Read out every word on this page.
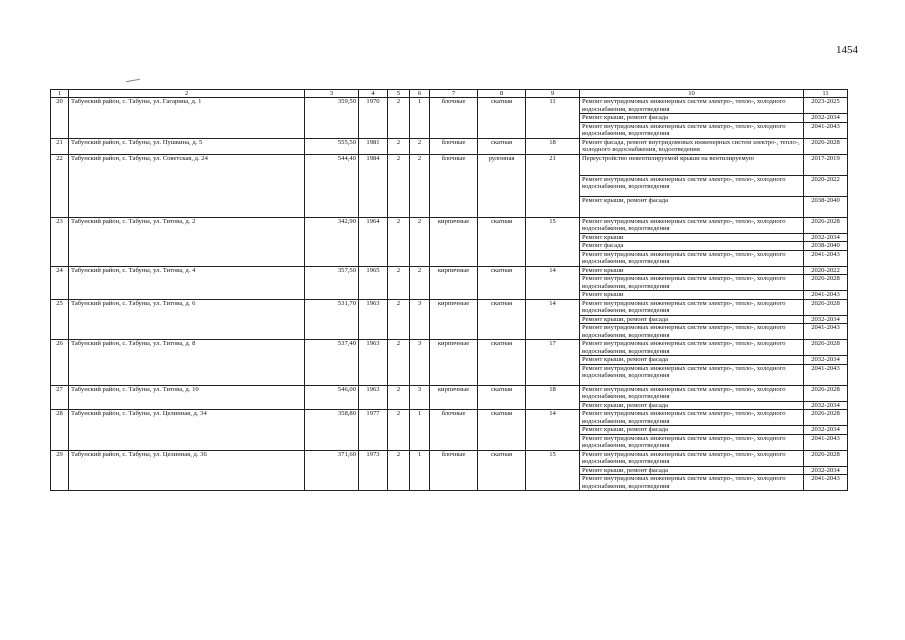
1454
1	2	3	4	5	6	7	8	9	10	11
20	Табунский район, с. Табуны, ул. Гагарина, д. 1	359,50	1970	2	1	блочные	скатная	11	Ремонт внутридомовых инженерных систем электро-, тепло-, холодного водоснабжения, водоотведения	2023-2025
									Ремонт крыши, ремонт фасада	2032-2034
									Ремонт внутридомовых инженерных систем электро-, тепло-, холодного водоснабжения, водоотведения	2041-2043
21	Табунский район, с. Табуны, ул. Пушкина, д. 5	555,50	1981	2	2	блочные	скатная	18	Ремонт фасада, ремонт внутридомовых инженерных систем электро-, тепло-, холодного водоснабжения, водоотведения	2026-2028
22	Табунский район, с. Табуны, ул. Советская, д. 24	544,40	1984	2	2	блочные	рулонная	21	Переустройство невентилируемой крыши на вентилируемую	2017-2019
									Ремонт внутридомовых инженерных систем электро-, тепло-, холодного водоснабжения, водоотведения	2020-2022
									Ремонт крыши, ремонт фасада	2038-2040
23	Табунский район, с. Табуны, ул. Титова, д. 2	342,90	1964	2	2	кирпичные	скатная	15	Ремонт внутридомовых инженерных систем электро-, тепло-, холодного водоснабжения, водоотведения	2026-2028
									Ремонт крыши	2032-2034
									Ремонт фасада	2038-2040
									Ремонт внутридомовых инженерных систем электро-, тепло-, холодного водоснабжения, водоотведения	2041-2043
24	Табунский район, с. Табуны, ул. Титова, д. 4	357,50	1965	2	2	кирпичные	скатная	14	Ремонт крыши	2020-2022
									Ремонт внутридомовых инженерных систем электро-, тепло-, холодного водоснабжения, водоотведения	2026-2028
									Ремонт крыши	2041-2043
25	Табунский район, с. Табуны, ул. Титова, д. 6	531,70	1963	2	3	кирпичные	скатная	14	Ремонт внутридомовых инженерных систем электро-, тепло-, холодного водоснабжения, водоотведения	2026-2028
									Ремонт крыши, ремонт фасада	2032-2034
									Ремонт внутридомовых инженерных систем электро-, тепло-, холодного водоснабжения, водоотведения	2041-2043
26	Табунский район, с. Табуны, ул. Титова, д. 8	537,40	1963	2	3	кирпичные	скатная	17	Ремонт внутридомовых инженерных систем электро-, тепло-, холодного водоснабжения, водоотведения	2026-2028
									Ремонт крыши, ремонт фасада	2032-2034
									Ремонт внутридомовых инженерных систем электро-, тепло-, холодного водоснабжения, водоотведения	2041-2043
27	Табунский район, с. Табуны, ул. Титова, д. 10	546,00	1963	2	3	кирпичные	скатная	18	Ремонт внутридомовых инженерных систем электро-, тепло-, холодного водоснабжения, водоотведения	2026-2028
									Ремонт крыши, ремонт фасада	2032-2034
28	Табунский район, с. Табуны, ул. Целинная, д. 34	358,80	1977	2	1	блочные	скатная	14	Ремонт внутридомовых инженерных систем электро-, тепло-, холодного водоснабжения, водоотведения	2026-2028
									Ремонт крыши, ремонт фасада	2032-2034
									Ремонт внутридомовых инженерных систем электро-, тепло-, холодного водоснабжения, водоотведения	2041-2043
29	Табунский район, с. Табуны, ул. Целинная, д. 36	371,60	1973	2	1	блочные	скатная	15	Ремонт внутридомовых инженерных систем электро-, тепло-, холодного водоснабжения, водоотведения	2026-2028
									Ремонт крыши, ремонт фасада	2032-2034
									Ремонт внутридомовых инженерных систем электро-, тепло-, холодного водоснабжения, водоотведения	2041-2043
